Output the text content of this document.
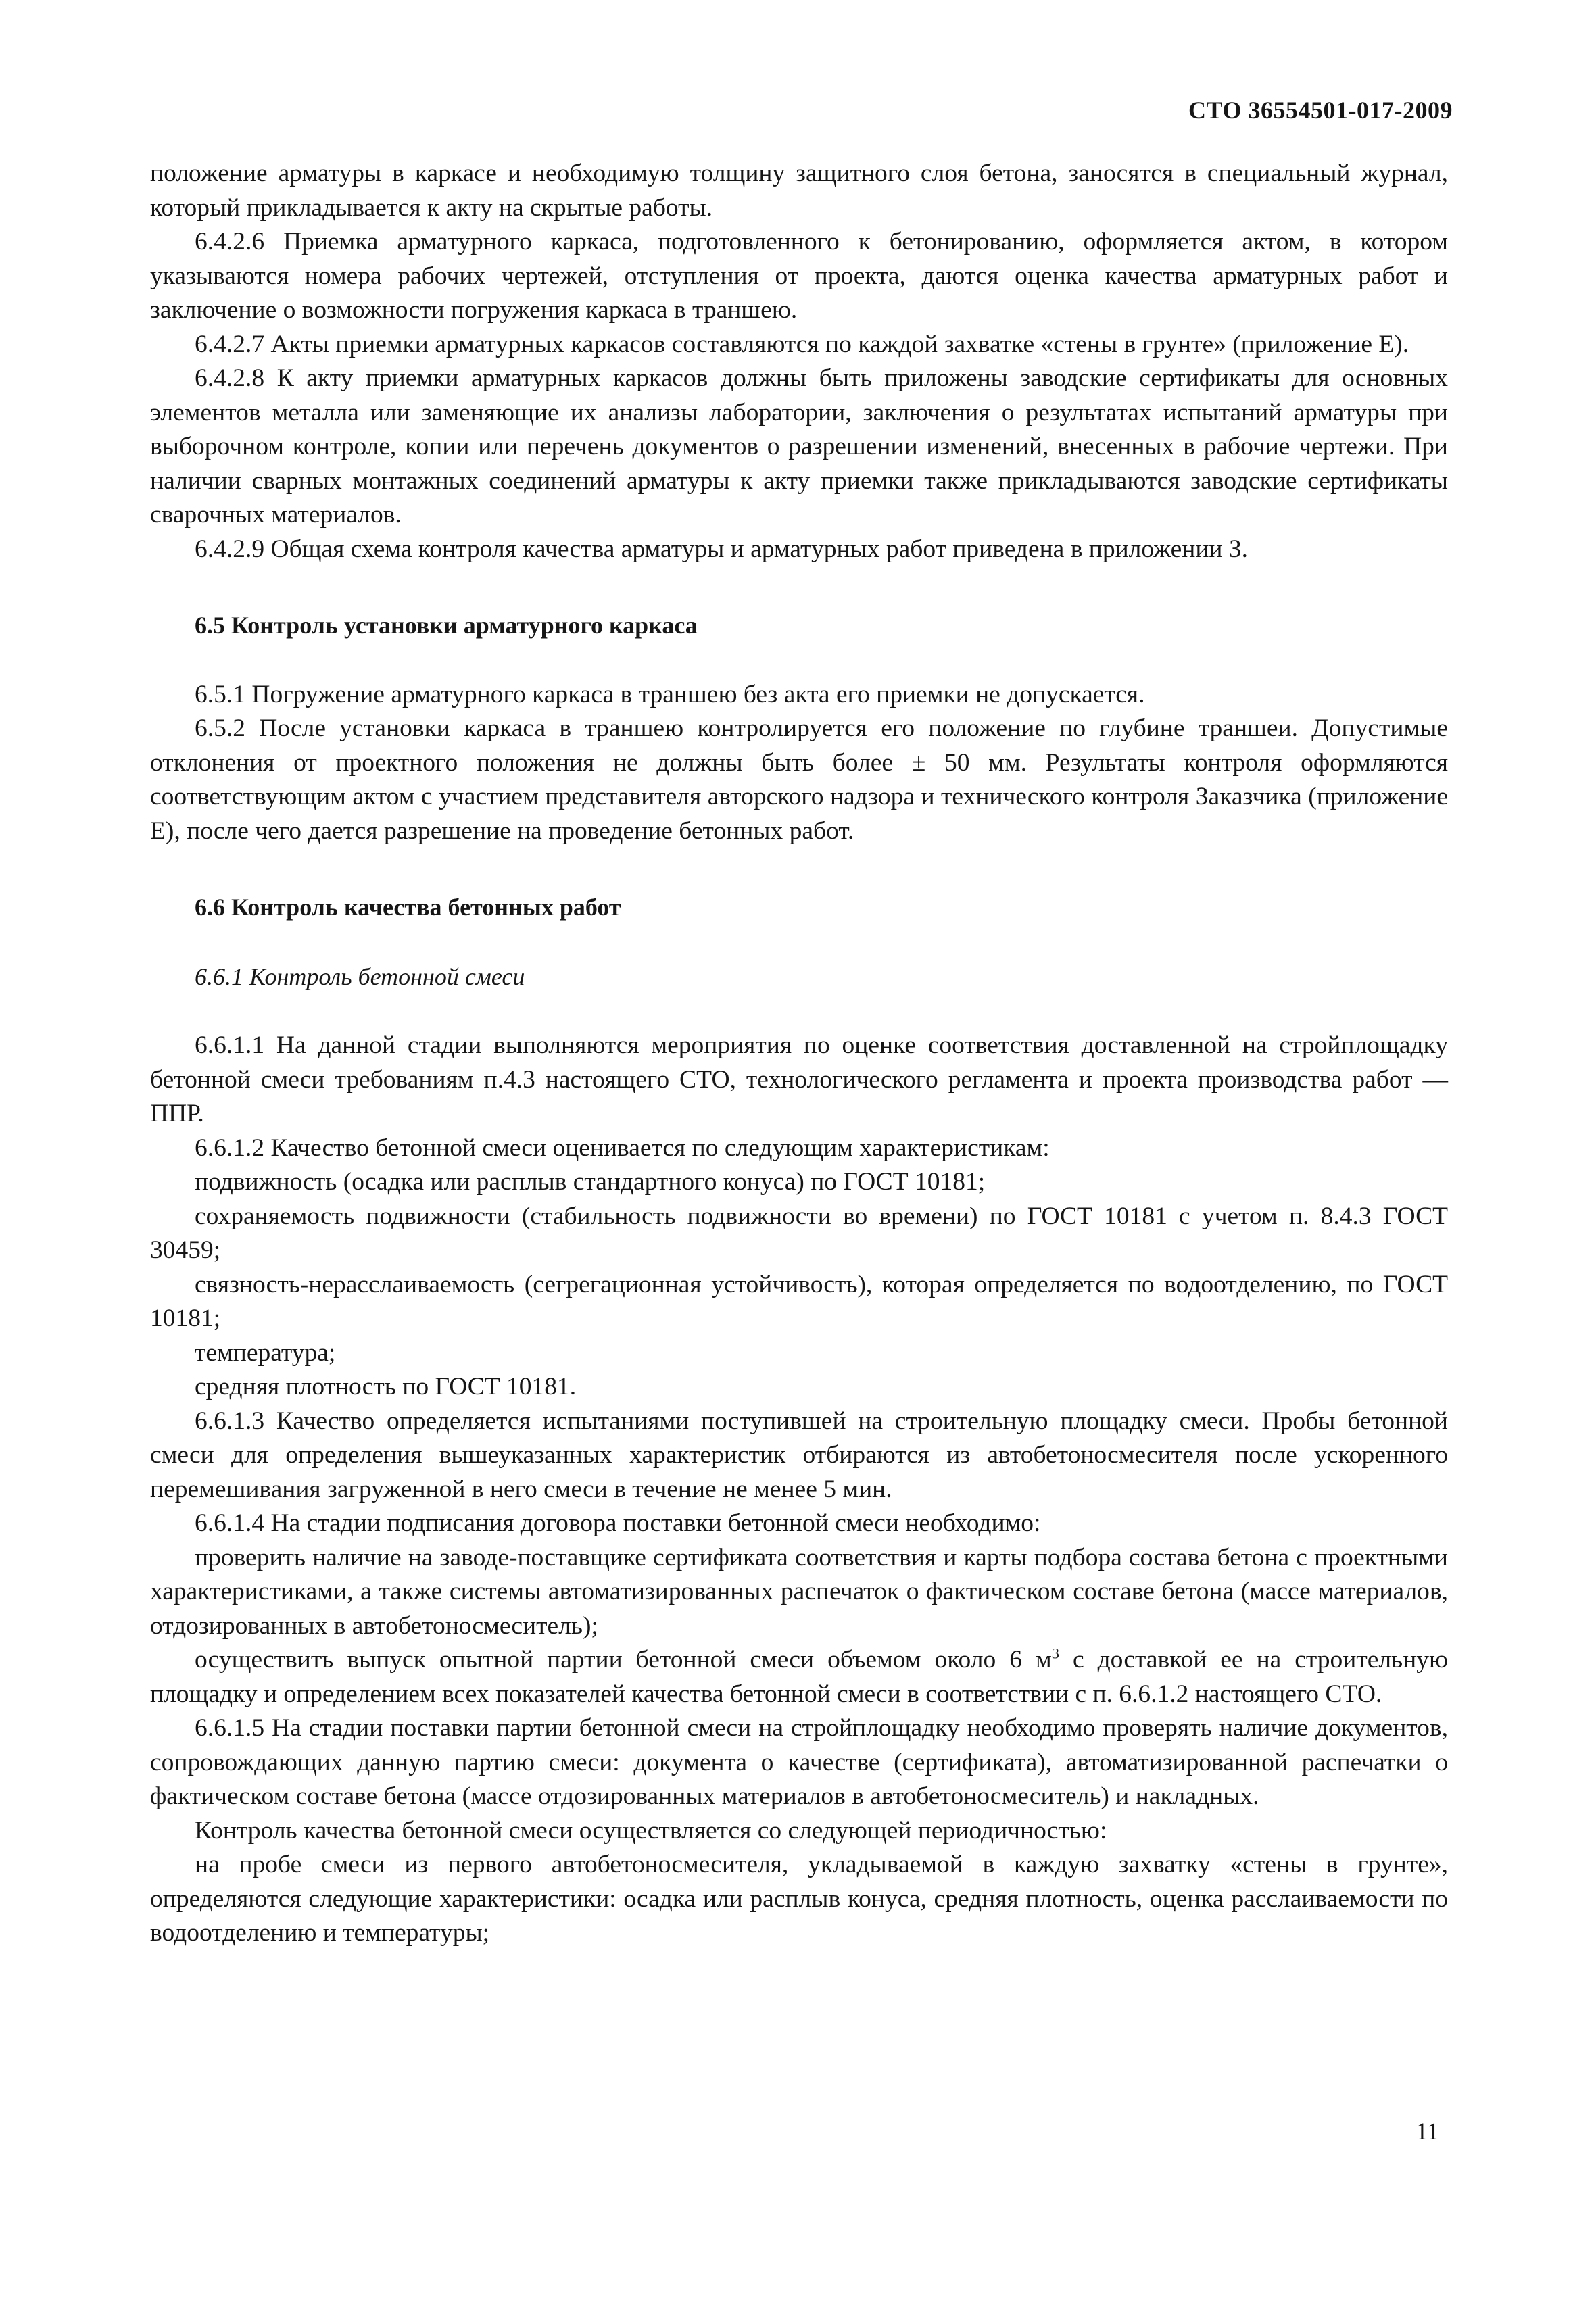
СТО 36554501-017-2009

положение арматуры в каркасе и необходимую толщину защитного слоя бетона, заносятся в специальный журнал, который прикладывается к акту на скрытые работы.

6.4.2.6 Приемка арматурного каркаса, подготовленного к бетонированию, оформляется актом, в котором указываются номера рабочих чертежей, отступления от проекта, даются оценка качества арматурных работ и заключение о возможности погружения каркаса в траншею.

6.4.2.7 Акты приемки арматурных каркасов составляются по каждой захватке «стены в грунте» (приложение Е).

6.4.2.8 К акту приемки арматурных каркасов должны быть приложены заводские сертификаты для основных элементов металла или заменяющие их анализы лаборатории, заключения о результатах испытаний арматуры при выборочном контроле, копии или перечень документов о разрешении изменений, внесенных в рабочие чертежи. При наличии сварных монтажных соединений арматуры к акту приемки также прикладываются заводские сертификаты сварочных материалов.

6.4.2.9 Общая схема контроля качества арматуры и арматурных работ приведена в приложении З.

6.5 Контроль установки арматурного каркаса

6.5.1 Погружение арматурного каркаса в траншею без акта его приемки не допускается.

6.5.2 После установки каркаса в траншею контролируется его положение по глубине траншеи. Допустимые отклонения от проектного положения не должны быть более ± 50 мм. Результаты контроля оформляются соответствующим актом с участием представителя авторского надзора и технического контроля Заказчика (приложение Е), после чего дается разрешение на проведение бетонных работ.

6.6 Контроль качества бетонных работ

6.6.1 Контроль бетонной смеси

6.6.1.1 На данной стадии выполняются мероприятия по оценке соответствия доставленной на стройплощадку бетонной смеси требованиям п.4.3 настоящего СТО, технологического регламента и проекта производства работ — ППР.

6.6.1.2 Качество бетонной смеси оценивается по следующим характеристикам:

подвижность (осадка или расплыв стандартного конуса) по ГОСТ 10181;

сохраняемость подвижности (стабильность подвижности во времени) по ГОСТ 10181 с учетом п. 8.4.3 ГОСТ 30459;

связность-нерасслаиваемость (сегрегационная устойчивость), которая определяется по водоотделению, по ГОСТ 10181;

температура;

средняя плотность по ГОСТ 10181.

6.6.1.3 Качество определяется испытаниями поступившей на строительную площадку смеси. Пробы бетонной смеси для определения вышеуказанных характеристик отбираются из автобетоносмесителя после ускоренного перемешивания загруженной в него смеси в течение не менее 5 мин.

6.6.1.4 На стадии подписания договора поставки бетонной смеси необходимо:

проверить наличие на заводе-поставщике сертификата соответствия и карты подбора состава бетона с проектными характеристиками, а также системы автоматизированных распечаток о фактическом составе бетона (массе материалов, отдозированных в автобетоносмеситель);

осуществить выпуск опытной партии бетонной смеси объемом около 6 $м^3$ с доставкой ее на строительную площадку и определением всех показателей качества бетонной смеси в соответствии с п. 6.6.1.2 настоящего СТО.

6.6.1.5 На стадии поставки партии бетонной смеси на стройплощадку необходимо проверять наличие документов, сопровождающих данную партию смеси: документа о качестве (сертификата), автоматизированной распечатки о фактическом составе бетона (массе отдозированных материалов в автобетоносмеситель) и накладных.

Контроль качества бетонной смеси осуществляется со следующей периодичностью:

на пробе смеси из первого автобетоносмесителя, укладываемой в каждую захватку «стены в грунте», определяются следующие характеристики: осадка или расплыв конуса, средняя плотность, оценка расслаиваемости по водоотделению и температуры;

11
